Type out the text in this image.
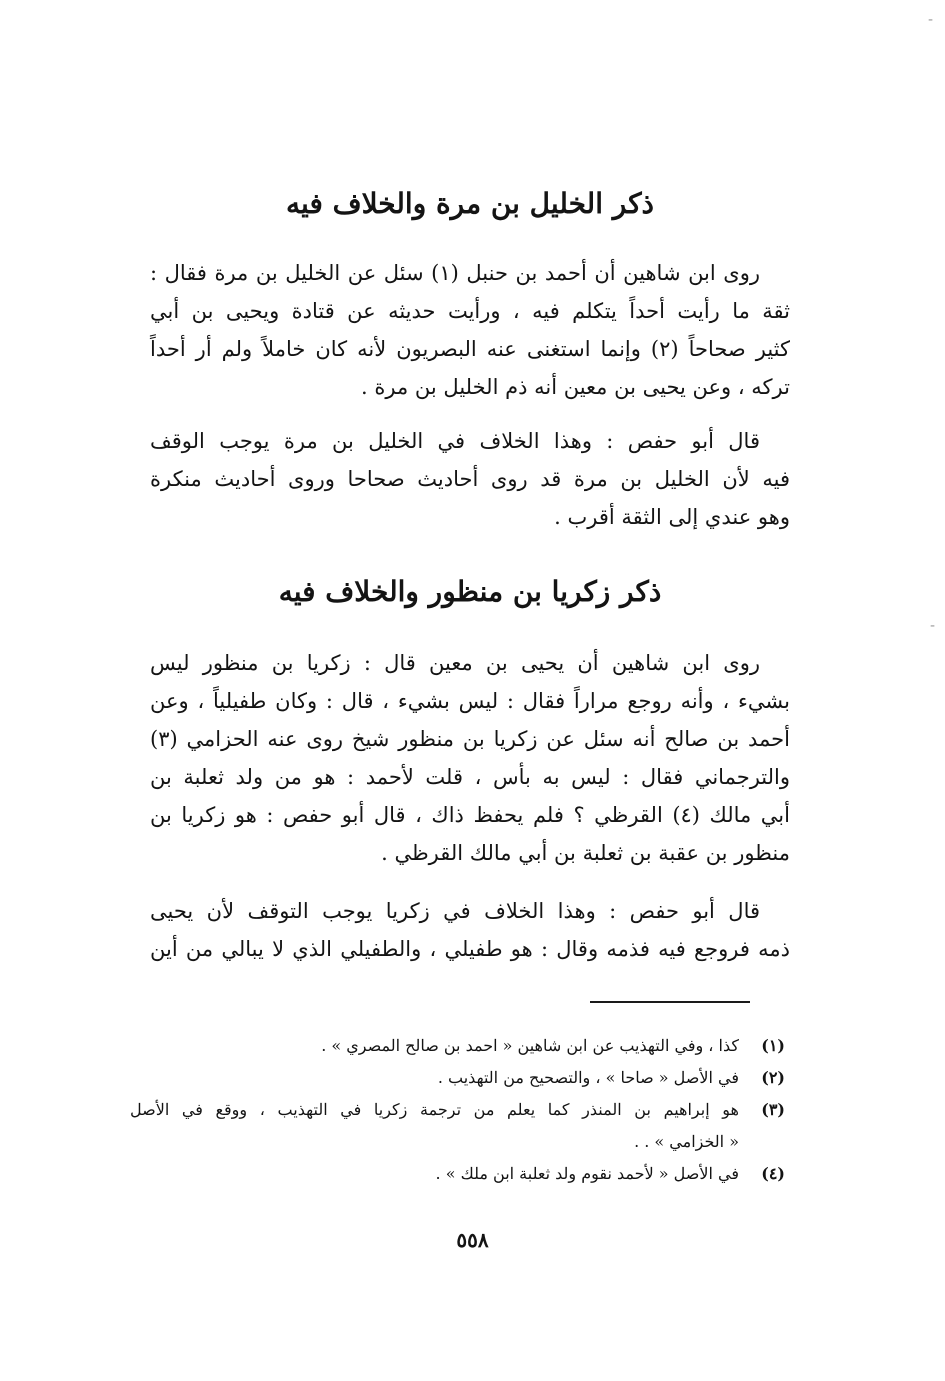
-
-
ذكر الخليل بن مرة والخلاف فيه
روى ابن شاهين أن أحمد بن حنبل (١) سئل عن الخليل بن مرة فقال :
ثقة ما رأيت أحداً يتكلم فيه ، ورأيت حديثه عن قتادة ويحيى بن أبي
كثير صحاحاً (٢) وإنما استغنى عنه البصريون لأنه كان خاملاً ولم أر أحداً
تركه ، وعن يحيى بن معين أنه ذم الخليل بن مرة .
قال أبو حفص : وهذا الخلاف في الخليل بن مرة يوجب الوقف
فيه لأن الخليل بن مرة قد روى أحاديث صحاحا وروى أحاديث منكرة
وهو عندي إلى الثقة أقرب .
ذكر زكريا بن منظور والخلاف فيه
روى ابن شاهين أن يحيى بن معين قال : زكريا بن منظور ليس
بشيء ، وأنه روجع مراراً فقال : ليس بشيء ، قال : وكان طفيلياً ، وعن
أحمد بن صالح أنه سئل عن زكريا بن منظور شيخ روى عنه الحزامي (٣)
والترجماني فقال : ليس به بأس ، قلت لأحمد : هو من ولد ثعلبة بن
أبي مالك (٤) القرظي ؟ فلم يحفظ ذاك ، قال أبو حفص : هو زكريا بن
منظور بن عقبة بن ثعلبة بن أبي مالك القرظي .
قال أبو حفص : وهذا الخلاف في زكريا يوجب التوقف لأن يحيى
ذمه فروجع فيه فذمه وقال : هو طفيلي ، والطفيلي الذي لا يبالي من أين
(١)
كذا ، وفي التهذيب عن ابن شاهين « احمد بن صالح المصري » .
(٢)
في الأصل « صاحا » ، والتصحيح من التهذيب .
(٣)
هو إبراهيم بن المنذر كما يعلم من ترجمة زكريا في التهذيب ، ووقع في الأصل
« الخزامي » . .
(٤)
في الأصل « لأحمد نقوم ولد ثعلبة ابن ملك » .
٥٥٨
